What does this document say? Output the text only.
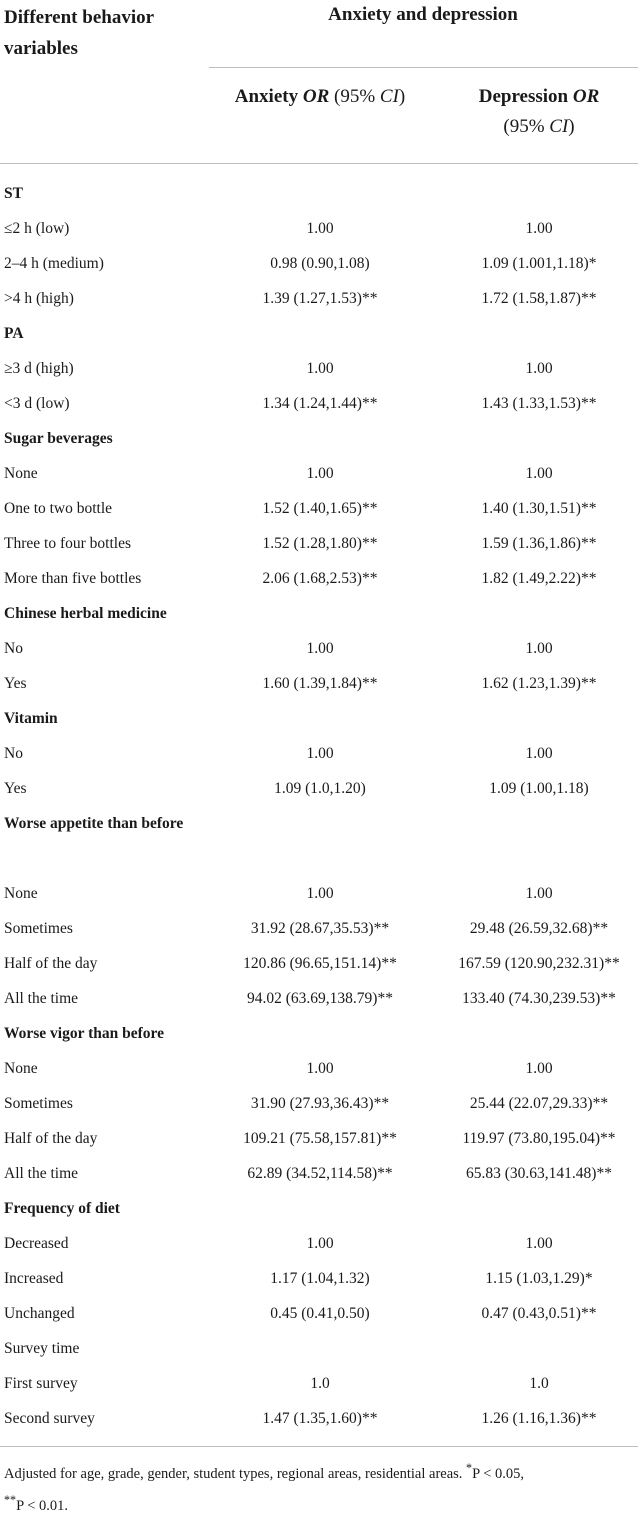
Different behavior variables
Anxiety and depression
Anxiety OR (95% CI)	Depression OR
(95% CI)
ST
≤2 h (low)	1.00	1.00
2–4 h (medium)	0.98 (0.90,1.08)	1.09 (1.001,1.18)*
>4 h (high)	1.39 (1.27,1.53)**	1.72 (1.58,1.87)**
PA
≥3 d (high)	1.00	1.00
<3 d (low)	1.34 (1.24,1.44)**	1.43 (1.33,1.53)**
Sugar beverages
None	1.00	1.00
One to two bottle	1.52 (1.40,1.65)**	1.40 (1.30,1.51)**
Three to four bottles	1.52 (1.28,1.80)**	1.59 (1.36,1.86)**
More than five bottles	2.06 (1.68,2.53)**	1.82 (1.49,2.22)**
Chinese herbal medicine
No	1.00	1.00
Yes	1.60 (1.39,1.84)**	1.62 (1.23,1.39)**
Vitamin
No	1.00	1.00
Yes	1.09 (1.0,1.20)	1.09 (1.00,1.18)
Worse appetite than before
None	1.00	1.00
Sometimes	31.92 (28.67,35.53)**	29.48 (26.59,32.68)**
Half of the day	120.86 (96.65,151.14)**	167.59 (120.90,232.31)**
All the time	94.02 (63.69,138.79)**	133.40 (74.30,239.53)**
Worse vigor than before
None	1.00	1.00
Sometimes	31.90 (27.93,36.43)**	25.44 (22.07,29.33)**
Half of the day	109.21 (75.58,157.81)**	119.97 (73.80,195.04)**
All the time	62.89 (34.52,114.58)**	65.83 (30.63,141.48)**
Frequency of diet
Decreased	1.00	1.00
Increased	1.17 (1.04,1.32)	1.15 (1.03,1.29)*
Unchanged	0.45 (0.41,0.50)	0.47 (0.43,0.51)**
Survey time
First survey	1.0	1.0
Second survey	1.47 (1.35,1.60)**	1.26 (1.16,1.36)**
Adjusted for age, grade, gender, student types, regional areas, residential areas. *P < 0.05,
**P < 0.01.
